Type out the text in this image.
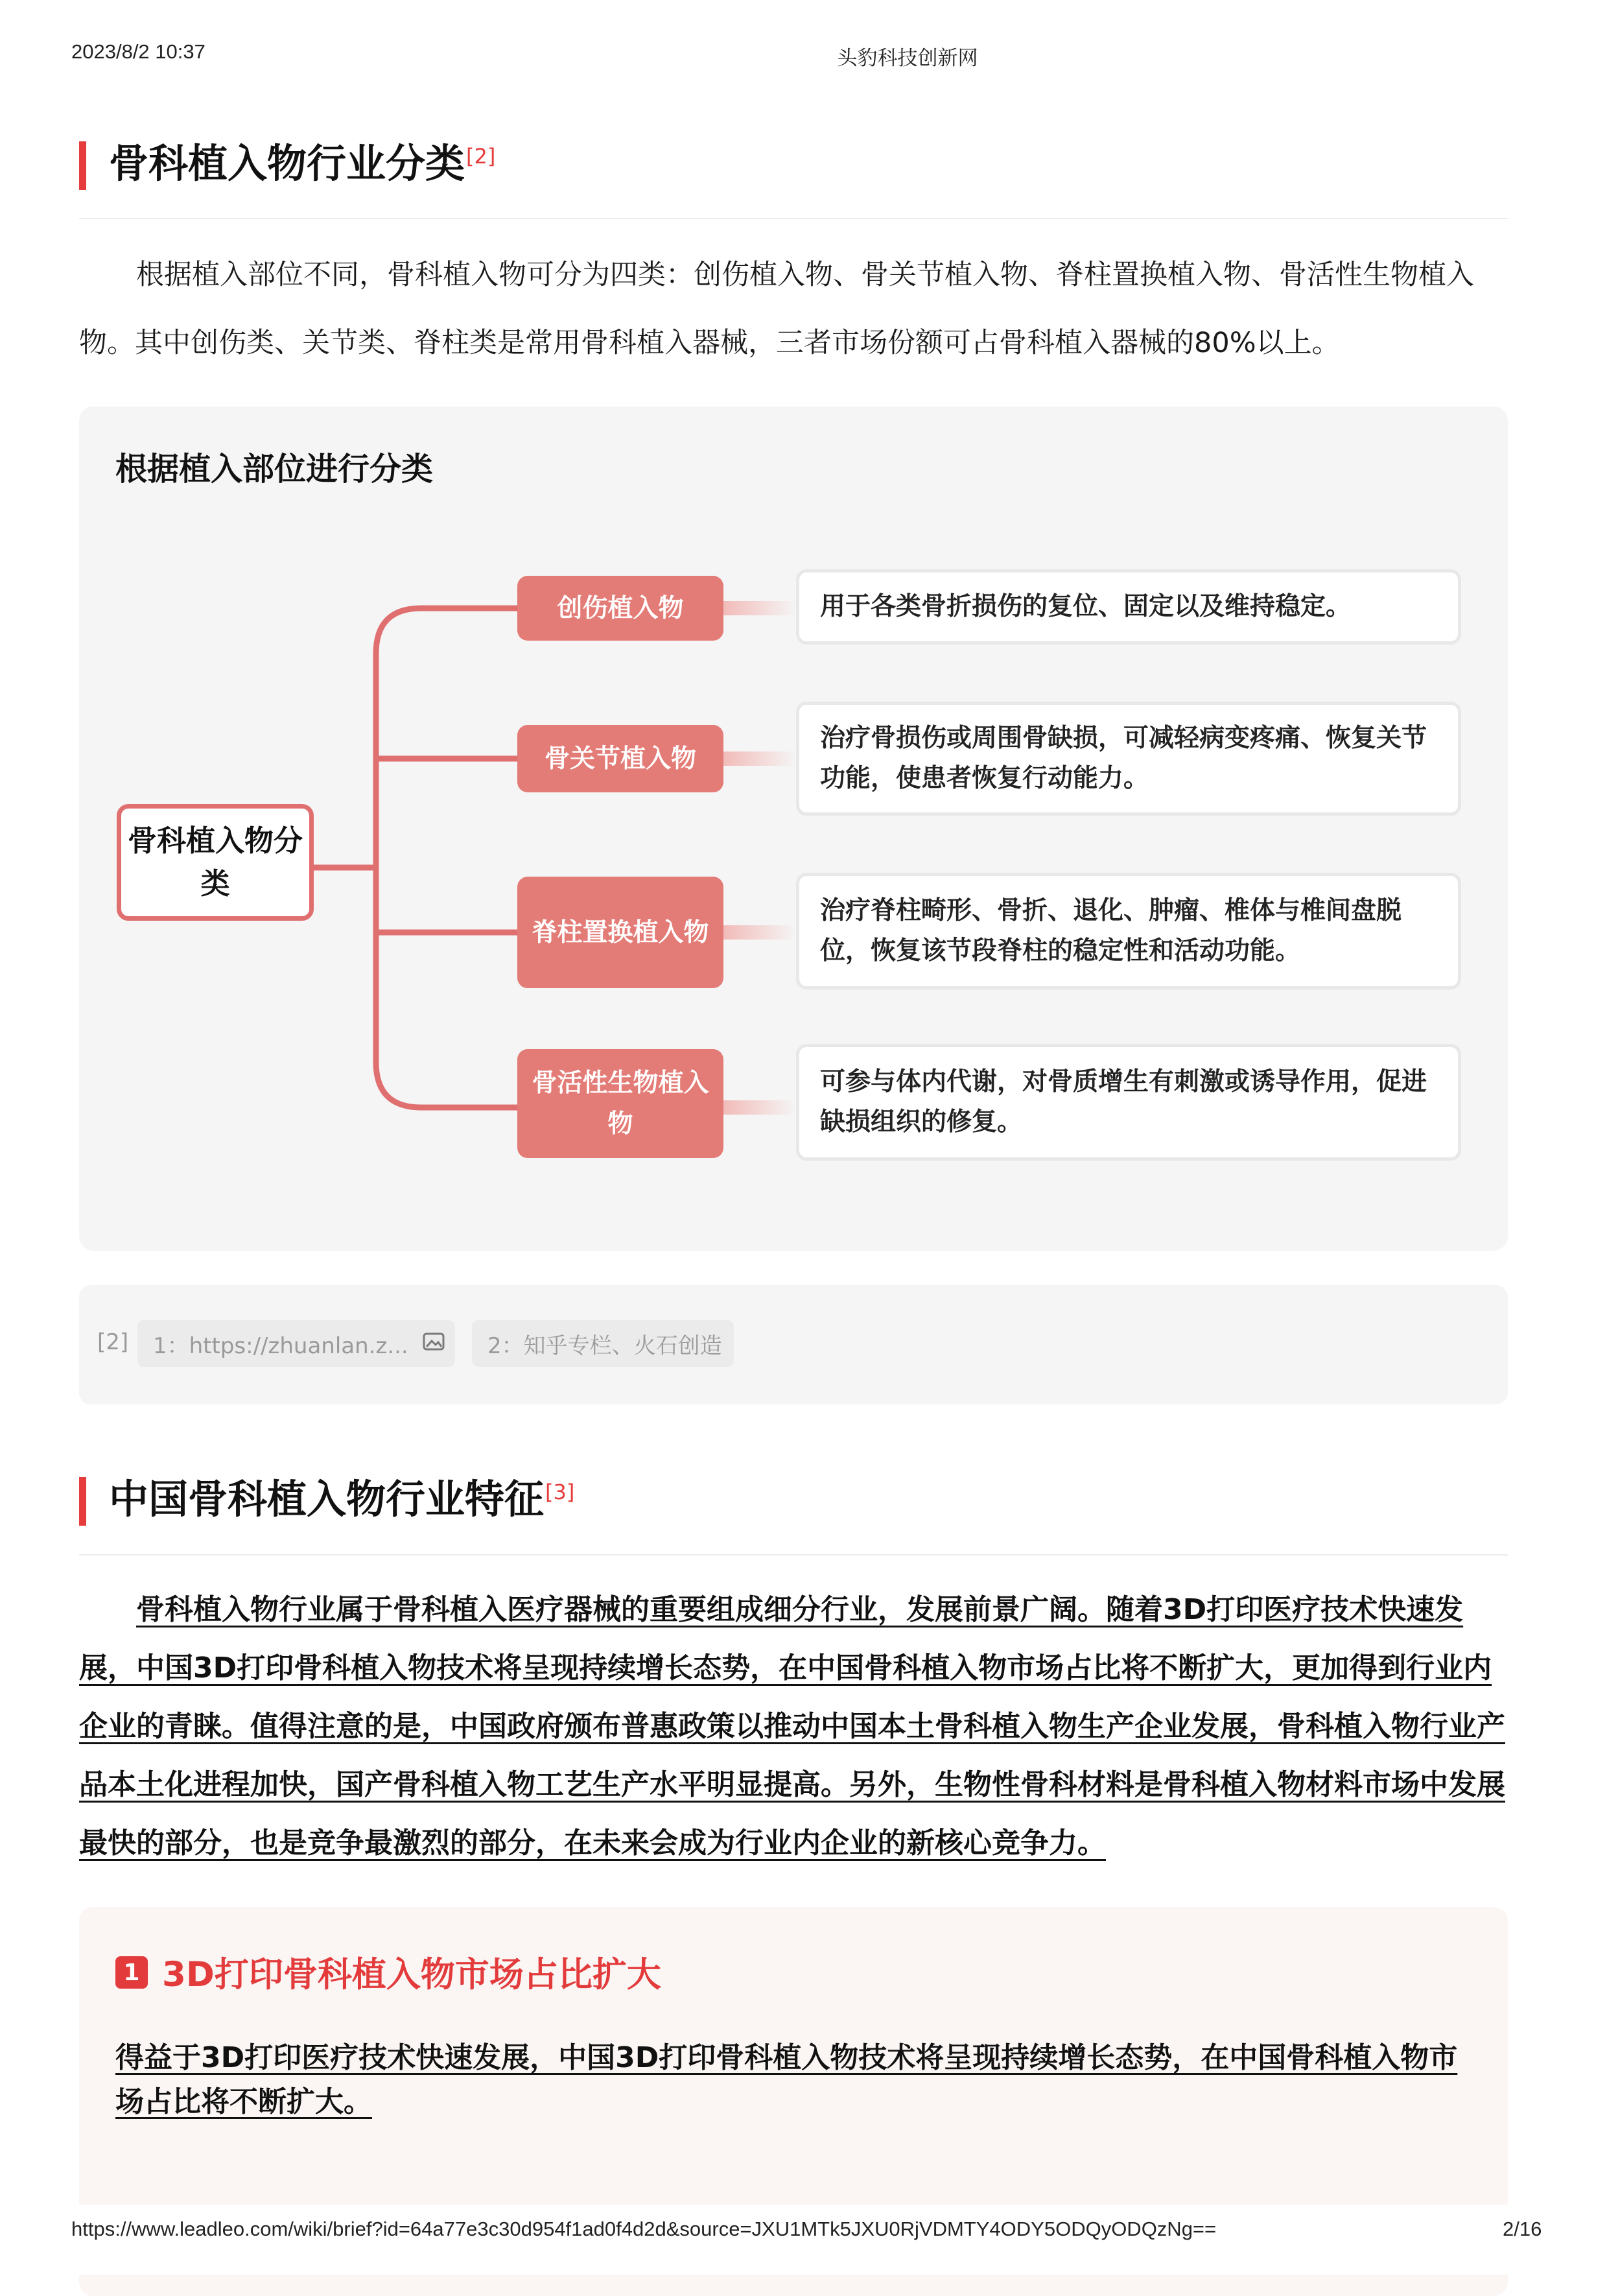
2023/8/2 10:37	头豹科技创新网
骨科植入物行业分类[2]
根据植入部位不同，骨科植入物可分为四类：创伤植入物、骨关节植入物、脊柱置换植入物、骨活性生物植入物。其中创伤类、关节类、脊柱类是常用骨科植入器械，三者市场份额可占骨科植入器械的80%以上。
根据植入部位进行分类
骨科植入物分类
创伤植入物	用于各类骨折损伤的复位、固定以及维持稳定。
骨关节植入物
治疗骨损伤或周围骨缺损，可减轻病变疼痛、恢复关节功能，使患者恢复行动能力。
脊柱置换植入物
治疗脊柱畸形、骨折、退化、肿瘤、椎体与椎间盘脱位，恢复该节段脊柱的稳定性和活动功能。
骨活性生物植入物
可参与体内代谢，对骨质增生有刺激或诱导作用，促进缺损组织的修复。
[2] 1：https://zhuanlan.z...	2：知乎专栏、火石创造
中国骨科植入物行业特征[3]
骨科植入物行业属于骨科植入医疗器械的重要组成细分行业，发展前景广阔。随着3D打印医疗技术快速发展，中国3D打印骨科植入物技术将呈现持续增长态势，在中国骨科植入物市场占比将不断扩大，更加得到行业内企业的青睐。值得注意的是，中国政府颁布普惠政策以推动中国本土骨科植入物生产企业发展，骨科植入物行业产品本土化进程加快，国产骨科植入物工艺生产水平明显提高。另外，生物性骨科材料是骨科植入物材料市场中发展最快的部分，也是竞争最激烈的部分，在未来会成为行业内企业的新核心竞争力。
1 3D打印骨科植入物市场占比扩大
得益于3D打印医疗技术快速发展，中国3D打印骨科植入物技术将呈现持续增长态势，在中国骨科植入物市场占比将不断扩大。
https://www.leadleo.com/wiki/brief?id=64a77e3c30d954f1ad0f4d2d&source=JXU1MTk5JXU0RjVDMTY4ODY5ODQyODQzNg==	2/16
